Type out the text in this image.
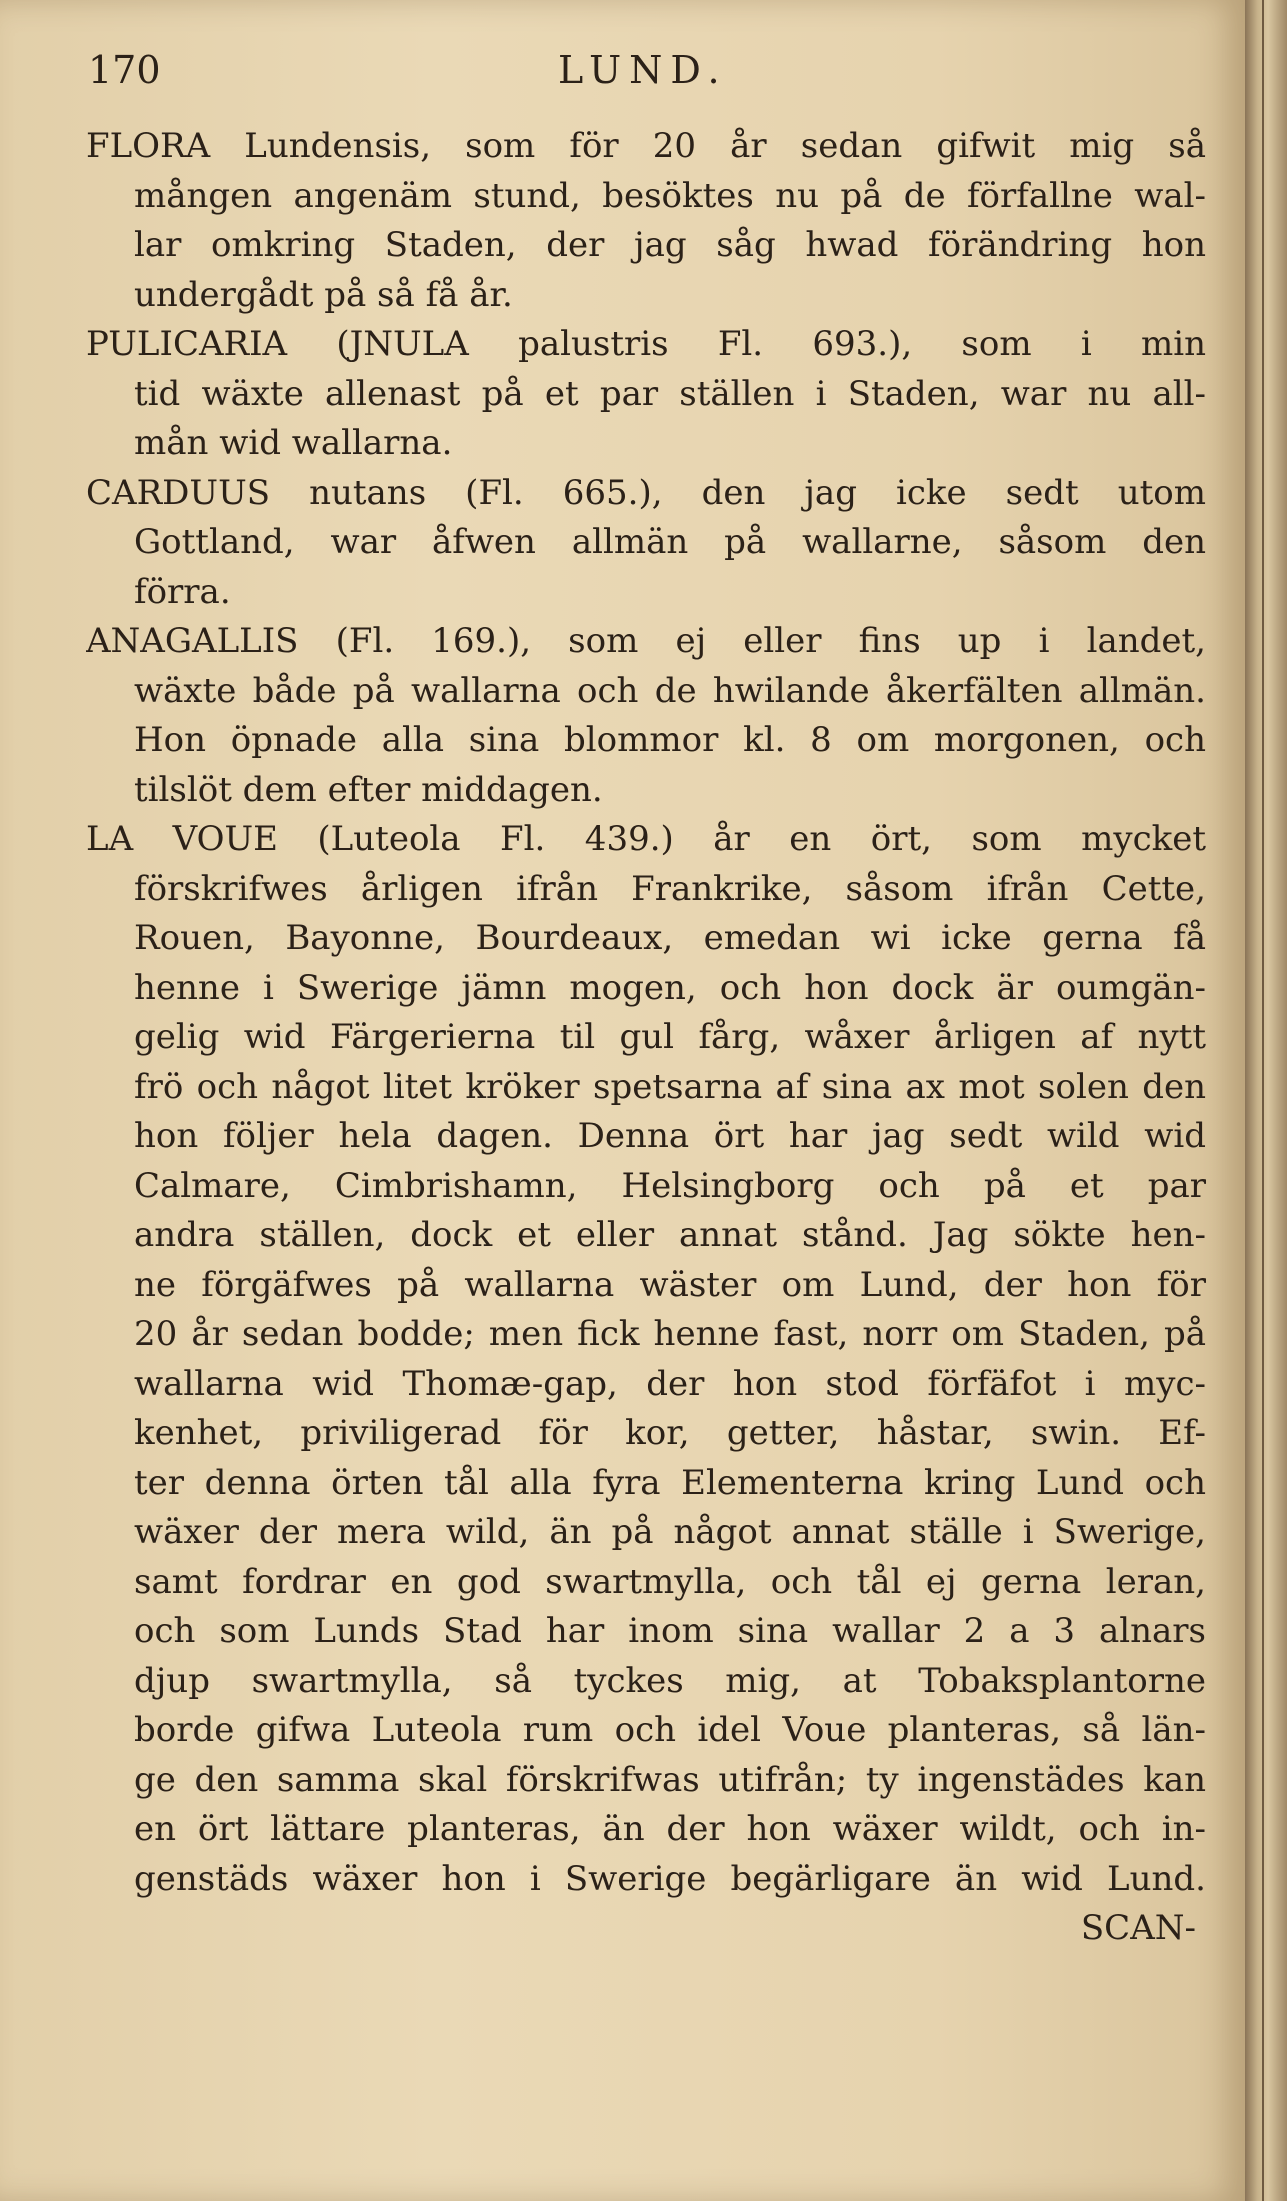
170	LUND.
FLORA Lundensis, som för 20 år sedan gifwit mig så
mången angenäm stund, besöktes nu på de förfallne wal-
lar omkring Staden, der jag såg hwad förändring hon
undergådt på så få år.
PULICARIA (JNULA palustris Fl. 693.), som i min
tid wäxte allenast på et par ställen i Staden, war nu all-
mån wid wallarna.
CARDUUS nutans (Fl. 665.), den jag icke sedt utom
Gottland, war åfwen allmän på wallarne, såsom den
förra.
ANAGALLIS (Fl. 169.), som ej eller fins up i landet,
wäxte både på wallarna och de hwilande åkerfälten allmän.
Hon öpnade alla sina blommor kl. 8 om morgonen, och
tilslöt dem efter middagen.
LA VOUE (Luteola Fl. 439.) år en ört, som mycket
förskrifwes årligen ifrån Frankrike, såsom ifrån Cette,
Rouen, Bayonne, Bourdeaux, emedan wi icke gerna få
henne i Swerige jämn mogen, och hon dock är oumgän-
gelig wid Färgerierna til gul fårg, wåxer årligen af nytt
frö och något litet kröker spetsarna af sina ax mot solen den
hon följer hela dagen. Denna ört har jag sedt wild wid
Calmare, Cimbrishamn, Helsingborg och på et par
andra ställen, dock et eller annat stånd. Jag sökte hen-
ne förgäfwes på wallarna wäster om Lund, der hon för
20 år sedan bodde; men fick henne fast, norr om Staden, på
wallarna wid Thomæ-gap, der hon stod förfäfot i myc-
kenhet, priviligerad för kor, getter, håstar, swin. Ef-
ter denna örten tål alla fyra Elementerna kring Lund och
wäxer der mera wild, än på något annat ställe i Swerige,
samt fordrar en god swartmylla, och tål ej gerna leran,
och som Lunds Stad har inom sina wallar 2 a 3 alnars
djup swartmylla, så tyckes mig, at Tobaksplantorne
borde gifwa Luteola rum och idel Voue planteras, så län-
ge den samma skal förskrifwas utifrån; ty ingenstädes kan
en ört lättare planteras, än der hon wäxer wildt, och in-
genstäds wäxer hon i Swerige begärligare än wid Lund.
SCAN-
